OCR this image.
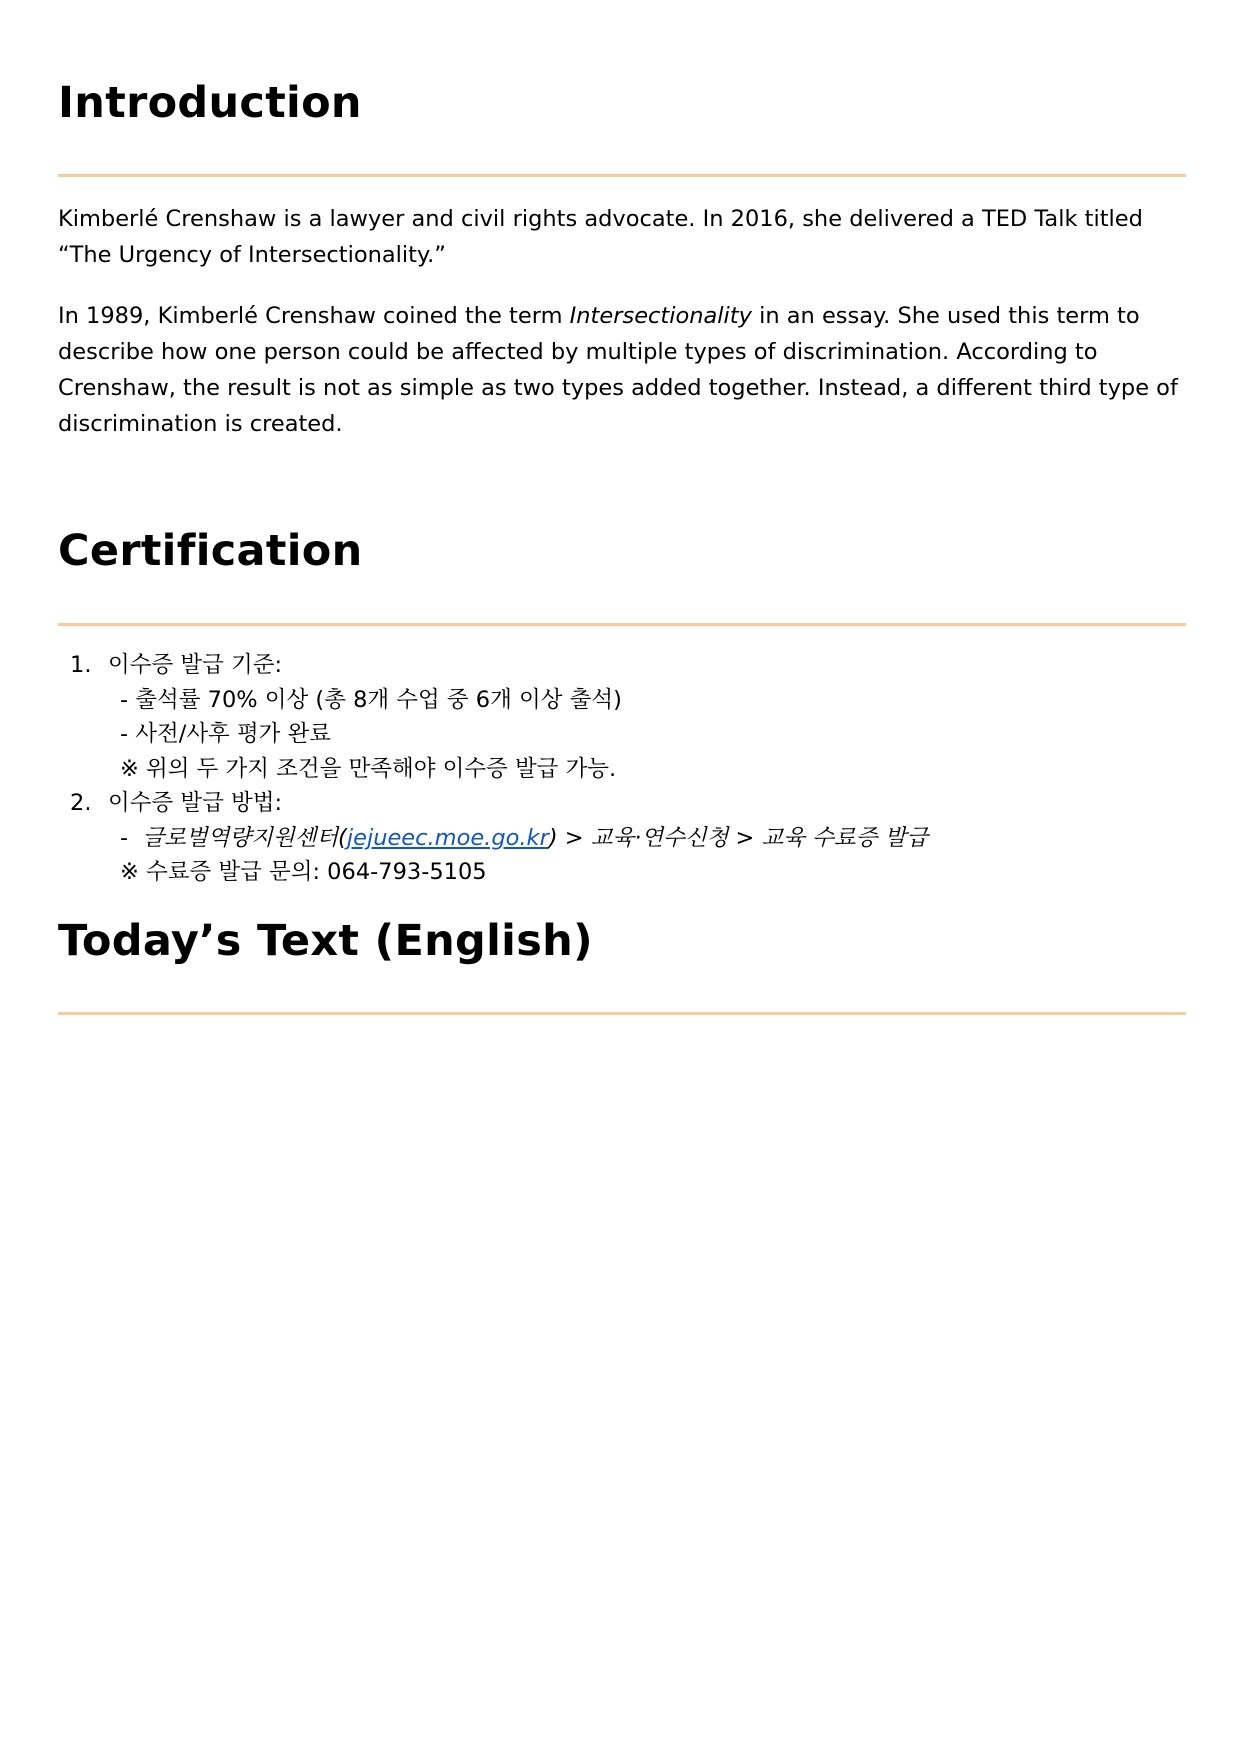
Introduction

Kimberlé Crenshaw is a lawyer and civil rights advocate. In 2016, she delivered a TED Talk titled “The Urgency of Intersectionality.”

In 1989, Kimberlé Crenshaw coined the term Intersectionality in an essay. She used this term to describe how one person could be affected by multiple types of discrimination. According to Crenshaw, the result is not as simple as two types added together. Instead, a different third type of discrimination is created.

Certification
1. 이수증 발급 기준:
- 출석률 70% 이상 (총 8개 수업 중 6개 이상 출석)
- 사전/사후 평가 완료
※ 위의 두 가지 조건을 만족해야 이수증 발급 가능.
2. 이수증 발급 방법:
-  글로벌역량지원센터(jejueec.moe.go.kr) > 교육·연수신청 > 교육 수료증 발급
※ 수료증 발급 문의: 064-793-5105
Today’s Text (English)
